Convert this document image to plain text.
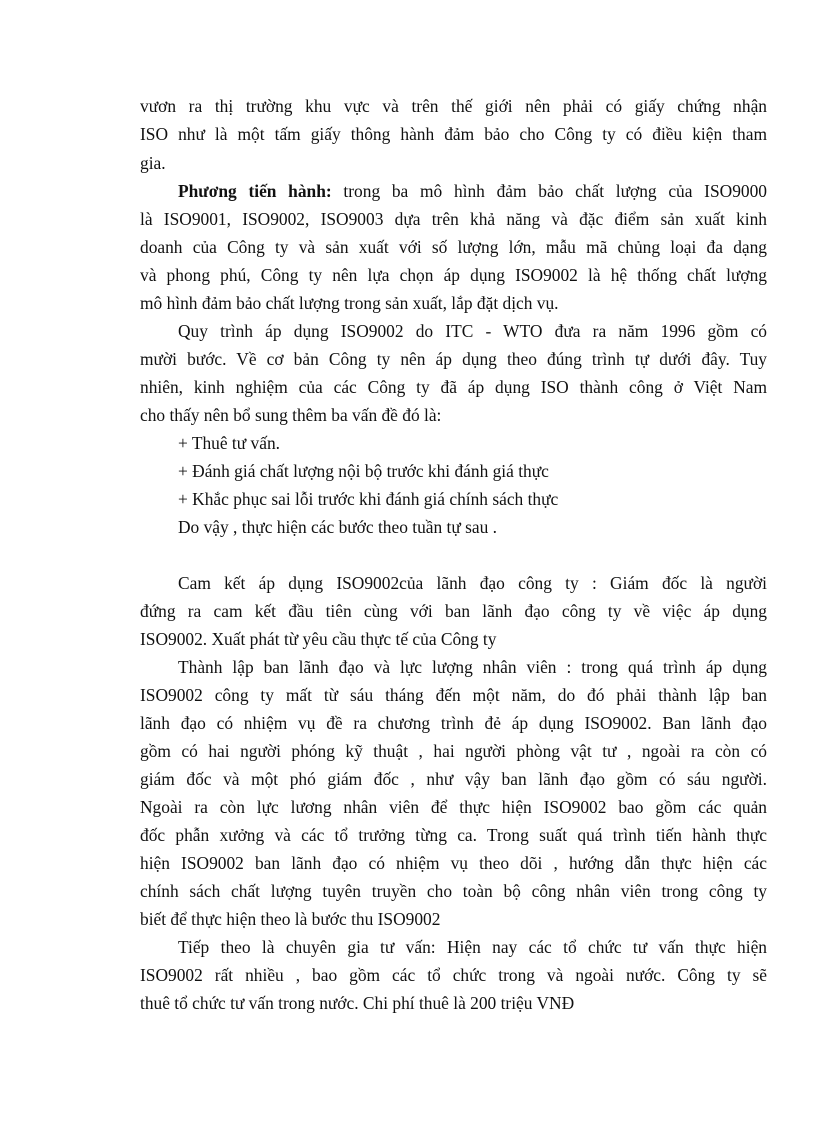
vươn ra thị trường khu vực và trên thế giới nên phải có giấy chứng nhận
ISO như là một tấm giấy thông hành đảm bảo cho Công ty có điều kiện tham
gia.
Phương tiến hành: trong ba mô hình đảm bảo chất lượng của ISO9000
là ISO9001, ISO9002, ISO9003 dựa trên khả năng và đặc điểm sản xuất kinh
doanh của Công ty và sản xuất với số lượng lớn, mẫu mã chủng loại đa dạng
và phong phú, Công ty nên lựa chọn áp dụng ISO9002 là hệ thống chất lượng
mô hình đảm bảo chất lượng trong sản xuất, lắp đặt dịch vụ.
Quy trình áp dụng ISO9002 do ITC - WTO đưa ra năm 1996 gồm có
mười bước. Về cơ bản Công ty nên áp dụng theo đúng trình tự dưới đây. Tuy
nhiên, kinh nghiệm của các Công ty đã áp dụng ISO thành công ở Việt Nam
cho thấy nên bổ sung thêm ba vấn đề đó là:
+ Thuê tư vấn.
+ Đánh giá chất lượng nội bộ trước khi đánh giá thực
+ Khắc phục sai lỗi trước khi đánh giá chính sách thực
Do vậy , thực hiện các bước theo tuần tự sau .
Cam kết áp dụng ISO9002của lãnh đạo công ty : Giám đốc là người
đứng ra cam kết đầu tiên cùng với ban lãnh đạo công ty về việc áp dụng
ISO9002. Xuất phát từ yêu cầu thực tế của Công ty
Thành lập ban lãnh đạo và lực lượng nhân viên : trong quá trình áp dụng
ISO9002 công ty mất từ sáu tháng đến một năm, do đó phải thành lập ban
lãnh đạo có nhiệm vụ đề ra chương trình đẻ áp dụng ISO9002. Ban lãnh đạo
gồm có hai người phóng kỹ thuật , hai người phòng vật tư , ngoài ra còn có
giám đốc và một phó giám đốc , như vậy ban lãnh đạo gồm có sáu người.
Ngoài ra còn lực lương nhân viên để thực hiện ISO9002 bao gồm các quản
đốc phẫn xưởng và các tổ trưởng từng ca. Trong suất quá trình tiến hành thực
hiện ISO9002 ban lãnh đạo có nhiệm vụ theo dõi , hướng dẫn thực hiện các
chính sách chất lượng tuyên truyền cho toàn bộ công nhân viên trong công ty
biết để thực hiện theo là bước thu ISO9002
Tiếp theo là chuyên gia tư vấn: Hiện nay các tổ chức tư vấn thực hiện
ISO9002 rất nhiều , bao gồm các tổ chức trong và ngoài nước. Công ty sẽ
thuê tổ chức tư vấn trong nước. Chi phí thuê là 200 triệu VNĐ
